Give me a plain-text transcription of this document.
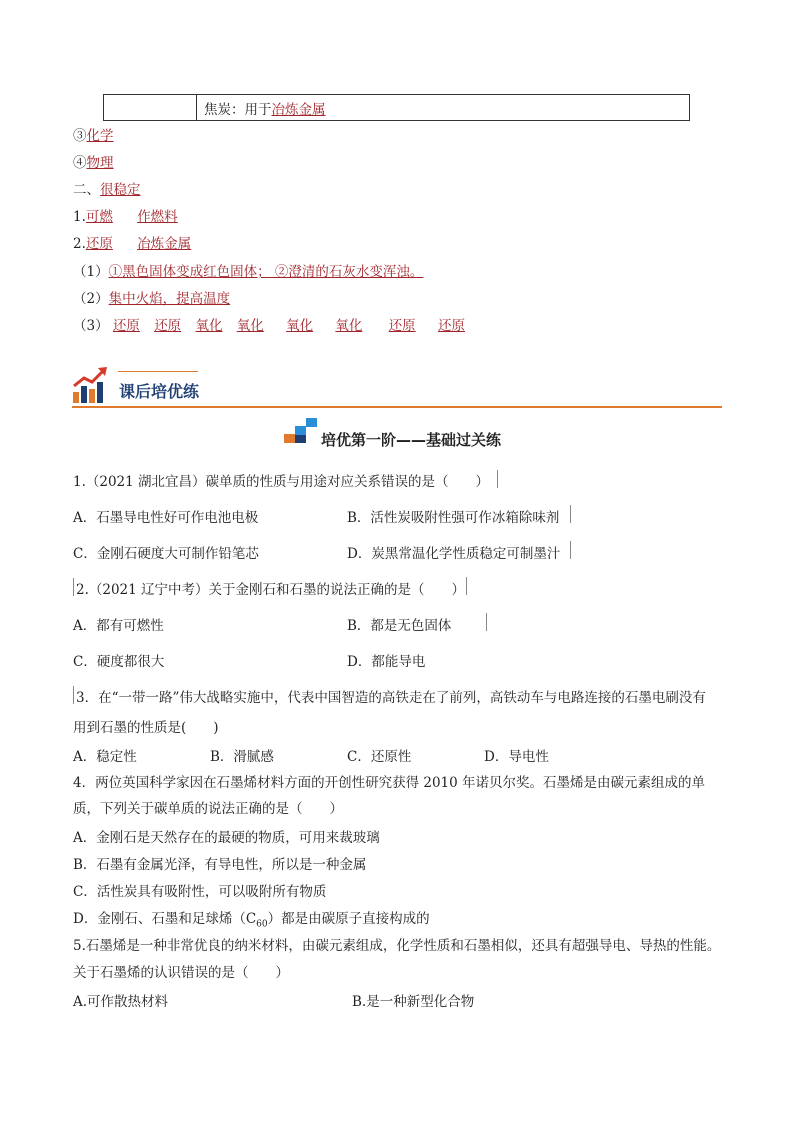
焦炭：用于冶炼金属
③化学
④物理
二、很稳定
1.可燃 作燃料
2.还原 冶炼金属
（1）①黑色固体变成红色固体； ②澄清的石灰水变浑浊。
（2）集中火焰，提高温度
（3） 还原 还原 氧化 氧化 氧化 氧化 还原 还原
课后培优练
培优第一阶——基础过关练
1.（2021 湖北宜昌）碳单质的性质与用途对应关系错误的是（　　）
A．石墨导电性好可作电池电极	B．活性炭吸附性强可作冰箱除味剂
C．金刚石硬度大可制作铅笔芯	D．炭黑常温化学性质稳定可制墨汁
2.（2021 辽宁中考）关于金刚石和石墨的说法正确的是（　　）
A．都有可燃性	B．都是无色固体
C．硬度都很大	D．都能导电
3．在“一带一路”伟大战略实施中，代表中国智造的高铁走在了前列，高铁动车与电路连接的石墨电刷没有
用到石墨的性质是(　　)
A．稳定性	B．滑腻感	C．还原性	D．导电性
4．两位英国科学家因在石墨烯材料方面的开创性研究获得 2010 年诺贝尔奖。石墨烯是由碳元素组成的单
质，下列关于碳单质的说法正确的是（　　）
A．金刚石是天然存在的最硬的物质，可用来裁玻璃
B．石墨有金属光泽，有导电性，所以是一种金属
C．活性炭具有吸附性，可以吸附所有物质
D．金刚石、石墨和足球烯$(C_{60})$都是由碳原子直接构成的
5.石墨烯是一种非常优良的纳米材料，由碳元素组成，化学性质和石墨相似，还具有超强导电、导热的性能。
关于石墨烯的认识错误的是（　　）
A.可作散热材料	B.是一种新型化合物
